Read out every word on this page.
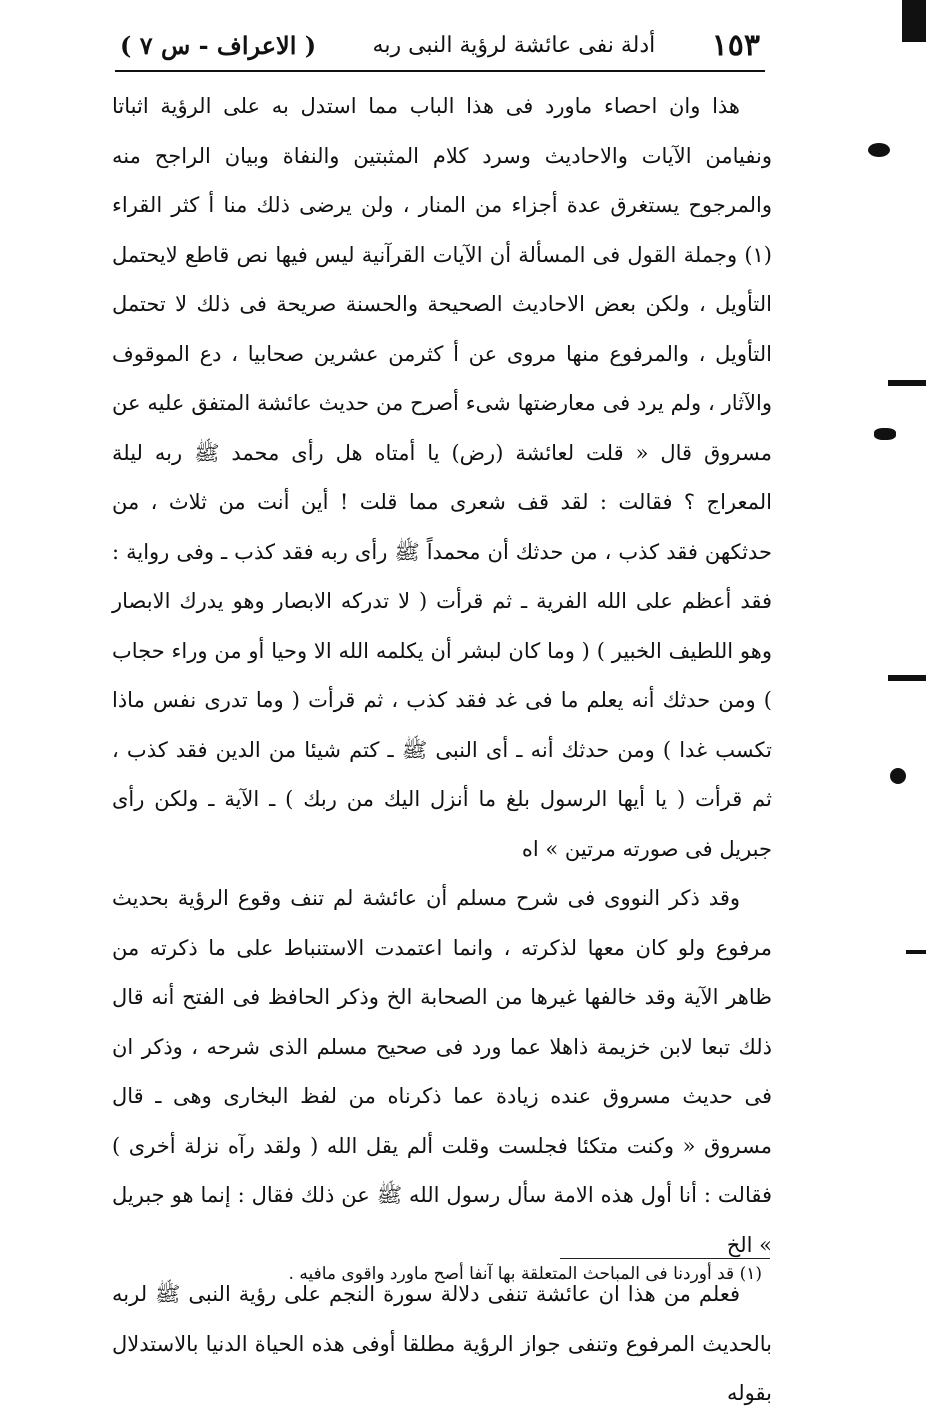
( الاعراف - س ٧ )	أدلة نفى عائشة لرؤية النبى ربه ١٥٣

هذا وان احصاء ماورد فى هذا الباب مما استدل به على الرؤية اثباتا ونفيامن الآيات والاحاديث وسرد كلام المثبتين والنفاة وبيان الراجح منه والمرجوح يستغرق عدة أجزاء من المنار ، ولن يرضى ذلك منا أ كثر القراء (١) وجملة القول فى المسألة أن الآيات القرآنية ليس فيها نص قاطع لايحتمل التأويل ، ولكن بعض الاحاديث الصحيحة والحسنة صريحة فى ذلك لا تحتمل التأويل ، والمرفوع منها مروى عن أ كثرمن عشرين صحابيا ، دع الموقوف والآثار ، ولم يرد فى معارضتها شىء أصرح من حديث عائشة المتفق عليه عن مسروق قال « قلت لعائشة (رض) يا أمتاه هل رأى محمد ﷺ ربه ليلة المعراج ؟ فقالت : لقد قف شعرى مما قلت ! أين أنت من ثلاث ، من حدثكهن فقد كذب ، من حدثك أن محمداً ﷺ رأى ربه فقد كذب ـ وفى رواية : فقد أعظم على الله الفرية ـ ثم قرأت ( لا تدركه الابصار وهو يدرك الابصار وهو اللطيف الخبير ) ( وما كان لبشر أن يكلمه الله الا وحيا أو من وراء حجاب ) ومن حدثك أنه يعلم ما فى غد فقد كذب ، ثم قرأت ( وما تدرى نفس ماذا تكسب غدا ) ومن حدثك أنه ـ أى النبى ﷺ ـ كتم شيئا من الدين فقد كذب ، ثم قرأت ( يا أيها الرسول بلغ ما أنزل اليك من ربك ) ـ الآية ـ ولكن رأى جبريل فى صورته مرتين » اه

وقد ذكر النووى فى شرح مسلم أن عائشة لم تنف وقوع الرؤية بحديث مرفوع ولو كان معها لذكرته ، وانما اعتمدت الاستنباط على ما ذكرته من ظاهر الآية وقد خالفها غيرها من الصحابة الخ وذكر الحافظ فى الفتح أنه قال ذلك تبعا لابن خزيمة ذاهلا عما ورد فى صحيح مسلم الذى شرحه ، وذكر ان فى حديث مسروق عنده زيادة عما ذكرناه من لفظ البخارى وهى ـ قال مسروق « وكنت متكئا فجلست وقلت ألم يقل الله ( ولقد رآه نزلة أخرى ) فقالت : أنا أول هذه الامة سأل رسول الله ﷺ عن ذلك فقال : إنما هو جبريل » الخ

فعلم من هذا ان عائشة تنفى دلالة سورة النجم على رؤية النبى ﷺ لربه بالحديث المرفوع وتنفى جواز الرؤية مطلقا أوفى هذه الحياة الدنيا بالاستدلال بقوله

(١) قد أوردنا فى المباحث المتعلقة بها آنفا أصح ماورد واقوى مافيه .
